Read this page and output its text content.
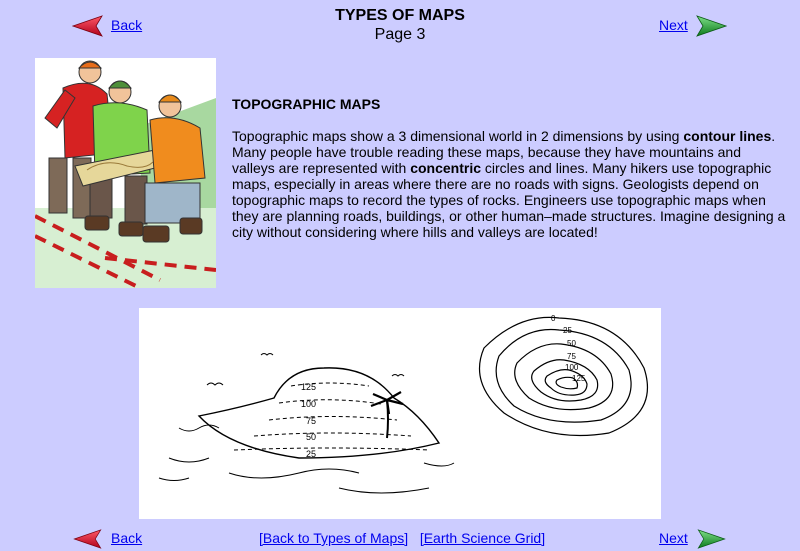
Back
TYPES OF MAPS
Page 3
Next
TOPOGRAPHIC MAPS
Topographic maps show a 3 dimensional world in 2 dimensions by using contour lines. Many people have trouble reading these maps, because they have mountains and valleys are represented with concentric circles and lines. Many hikers use topographic maps, especially in areas where there are no roads with signs. Geologists depend on topographic maps to record the types of rocks. Engineers use topographic maps when they are planning roads, buildings, or other human–made structures. Imagine designing a city without considering where hills and valleys are located!
125
100
75
50
25
0
25
50
75
100
125
Back	[Back to Types of Maps] [Earth Science Grid]	Next
